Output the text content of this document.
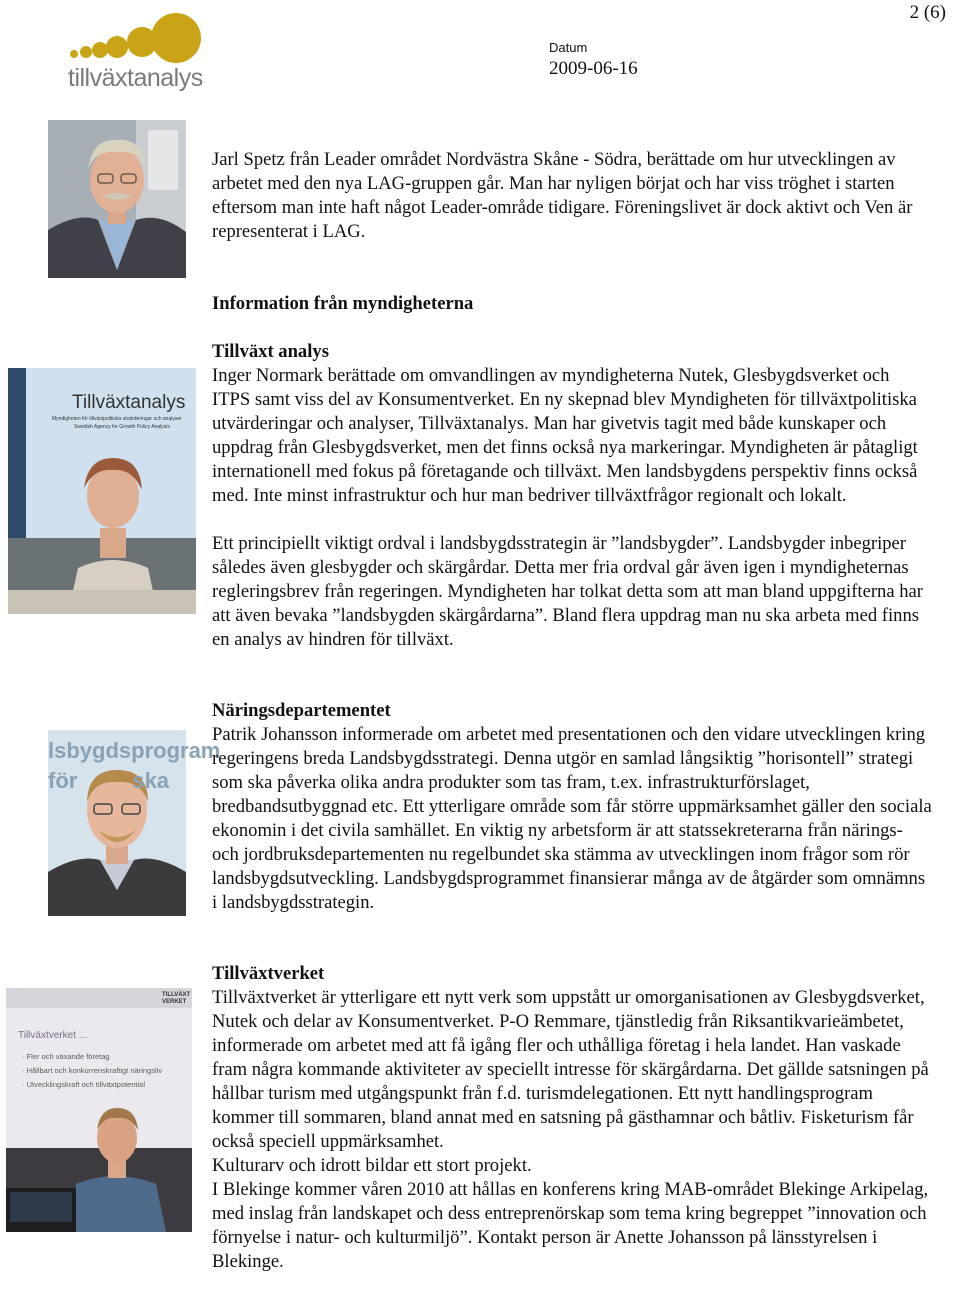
2 (6)
tillväxtanalys
Datum
2009-06-16

Jarl Spetz från Leader området Nordvästra Skåne - Södra, berättade om hur utvecklingen av arbetet med den nya LAG-gruppen går. Man har nyligen börjat och har viss tröghet i starten eftersom man inte haft något Leader-område tidigare. Föreningslivet är dock aktivt och Ven är representerat i LAG.

Information från myndigheterna
Tillväxtanalys
Myndigheten för tillväxtpolitiska utvärderingar och analyser
Swedish Agency for Growth Policy Analysis

Tillväxt analys

Inger Normark berättade om omvandlingen av myndigheterna Nutek, Glesbygdsverket och ITPS samt viss del av Konsumentverket. En ny skepnad blev Myndigheten för tillväxtpolitiska utvärderingar och analyser, Tillväxtanalys. Man har givetvis tagit med både kunskaper och uppdrag från Glesbygdsverket, men det finns också nya markeringar. Myndigheten är påtagligt internationell med fokus på företagande och tillväxt. Men landsbygdens perspektiv finns också med. Inte minst infrastruktur och hur man bedriver tillväxtfrågor regionalt och lokalt.

Ett principiellt viktigt ordval i landsbygdsstrategin är ”landsbygder”. Landsbygder inbegriper således även glesbygder och skärgårdar. Detta mer fria ordval går även igen i myndigheternas regleringsbrev från regeringen. Myndigheten har tolkat detta som att man bland uppgifterna har att även bevaka ”landsbygden skärgårdarna”. Bland flera uppdrag man nu ska arbeta med finns en analys av hindren för tillväxt.

lsbygdsprogram
för         ska

Näringsdepartementet

Patrik Johansson informerade om arbetet med presentationen och den vidare utvecklingen kring regeringens breda Landsbygdsstrategi. Denna utgör en samlad långsiktig ”horisontell” strategi som ska påverka olika andra produkter som tas fram, t.ex. infrastrukturförslaget, bredbandsutbyggnad etc. Ett ytterligare område som får större uppmärksamhet gäller den sociala ekonomin i det civila samhället. En viktig ny arbetsform är att statssekreterarna från närings- och jordbruksdepartementen nu regelbundet ska stämma av utvecklingen inom frågor som rör landsbygdsutveckling. Landsbygdsprogrammet finansierar många av de åtgärder som omnämns i landsbygdsstrategin.

TILLVÄXT
VERKET
Tillväxtverket ...
· Fler och växande företag
· Hållbart och konkurrenskraftigt näringsliv
· Utvecklingskraft och tillväxtpotential

Tillväxtverket

Tillväxtverket är ytterligare ett nytt verk som uppstått ur omorganisationen av Glesbygdsverket, Nutek och delar av Konsumentverket. P-O Remmare, tjänstledig från Riksantikvarieämbetet, informerade om arbetet med att få igång fler och uthålliga företag i hela landet. Han vaskade fram några kommande aktiviteter av speciellt intresse för skärgårdarna. Det gällde satsningen på hållbar turism med utgångspunkt från f.d. turismdelegationen. Ett nytt handlingsprogram kommer till sommaren, bland annat med en satsning på gästhamnar och båtliv. Fisketurism får också speciell uppmärksamhet.

Kulturarv och idrott bildar ett stort projekt.

I Blekinge kommer våren 2010 att hållas en konferens kring MAB-området Blekinge Arkipelag, med inslag från landskapet och dess entreprenörskap som tema kring begreppet ”innovation och förnyelse i natur- och kulturmiljö”. Kontakt person är Anette Johansson på länsstyrelsen i Blekinge.
